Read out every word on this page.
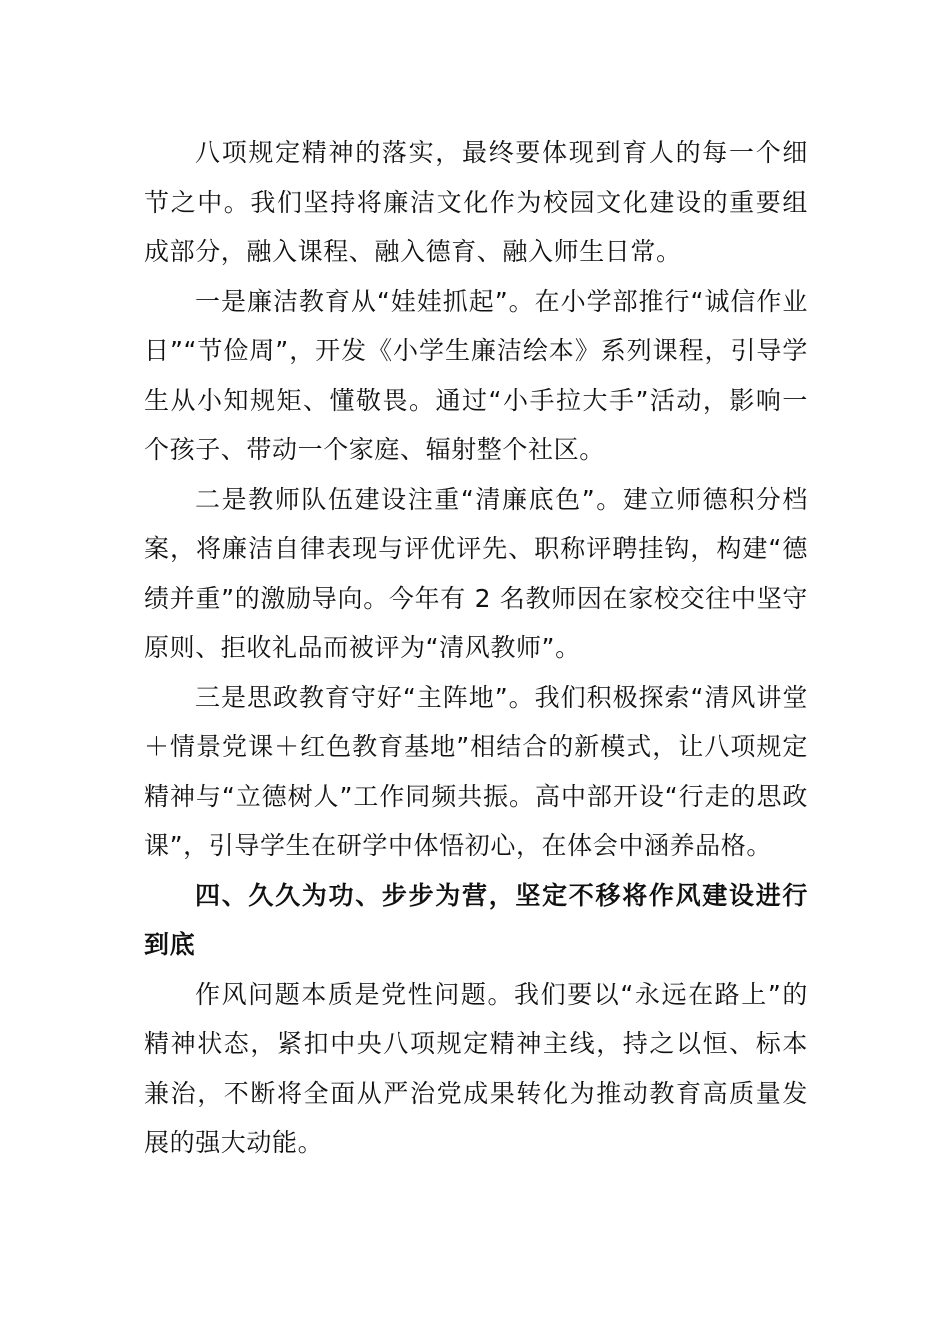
八项规定精神的落实，最终要体现到育人的每一个细节之中。我们坚持将廉洁文化作为校园文化建设的重要组成部分，融入课程、融入德育、融入师生日常。

一是廉洁教育从“娃娃抓起”。在小学部推行“诚信作业日”“节俭周”，开发《小学生廉洁绘本》系列课程，引导学生从小知规矩、懂敬畏。通过“小手拉大手”活动，影响一个孩子、带动一个家庭、辐射整个社区。

二是教师队伍建设注重“清廉底色”。建立师德积分档案，将廉洁自律表现与评优评先、职称评聘挂钩，构建“德绩并重”的激励导向。今年有 2 名教师因在家校交往中坚守原则、拒收礼品而被评为“清风教师”。

三是思政教育守好“主阵地”。我们积极探索“清风讲堂＋情景党课＋红色教育基地”相结合的新模式，让八项规定精神与“立德树人”工作同频共振。高中部开设“行走的思政课”，引导学生在研学中体悟初心，在体会中涵养品格。

四、久久为功、步步为营，坚定不移将作风建设进行到底

作风问题本质是党性问题。我们要以“永远在路上”的精神状态，紧扣中央八项规定精神主线，持之以恒、标本兼治，不断将全面从严治党成果转化为推动教育高质量发展的强大动能。
